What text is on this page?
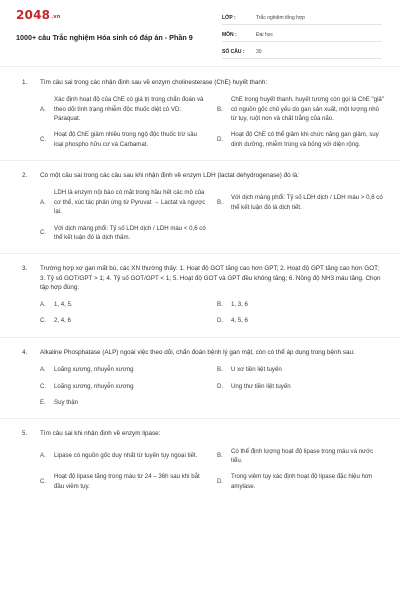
2048.vn
1000+ câu Trắc nghiệm Hóa sinh có đáp án - Phần 9
LỚP :	Trắc nghiệm tổng hợp
MÔN :	Đại học
SỐ CÂU :	30
1.	Tìm câu sai trong các nhận định sau về enzym cholinesterase (ChE) huyết thanh:
A.
Xác định hoạt độ của ChE có giá trị trong chẩn đoán và theo dõi tình trạng nhiễm độc thuốc diệt cỏ VD: Paraquat.
B.
ChE trong huyết thanh, huyết tương còn gọi là ChE "giả" có nguồn gốc chủ yếu do gan sản xuất, một lượng nhỏ từ tụy, ruột non và chất trắng của não.
C.
Hoạt độ ChE giảm nhiều trong ngộ độc thuốc trừ sâu loại phospho hữu cơ và Carbamat.
D.
Hoạt độ ChE có thể giảm khi chức năng gan giảm, suy dinh dưỡng, nhiễm trùng và bỏng với diện rộng.
2.	Có một câu sai trong các câu sau khi nhận định về enzym LDH (lactat dehydrogenase) đó là:
A.
LDH là enzym nội bào có mặt trong hầu hết các mô của cơ thể, xúc tác phản ứng từ Pyruvat → Lactat và ngược lại.
B.
Với dịch màng phổi: Tỷ số LDH dịch / LDH máu > 0,6 có thể kết luận đó là dịch tiết.
C.
Với dịch màng phổi: Tỷ số LDH dịch / LDH máu < 0,6 có thể kết luận đó là dịch thấm.
3.	Trường hợp xơ gan mất bù, các XN thường thấy: 1. Hoạt độ GOT tăng cao hơn GPT; 2. Hoạt độ GPT tăng cao hơn GOT; 3. Tỷ số GOT/GPT > 1; 4. Tỷ số GOT/GPT < 1; 5. Hoạt độ GOT và GPT đều không tăng; 6. Nồng độ NH3 máu tăng. Chọn tập hợp đúng:
A.	1, 4, 5.	B.	1, 3, 6
C.	2, 4, 6	D.	4, 5, 6
4.	Alkaline Phosphatase (ALP) ngoài việc theo dõi, chẩn đoán bệnh lý gan mật, còn có thể áp dụng trong bệnh sau:
A.	Loãng xương, nhuyễn xương	B.	U xơ tiền liệt tuyến
C.	Loãng xương, nhuyễn xương	D.	Ung thư tiền liệt tuyến
E.	Suy thận
5.	Tìm câu sai khi nhận định về enzym lipase:
A.	Lipase có nguồn gốc duy nhất từ tuyến tụy ngoại tiết.	B.
Có thể định lượng hoạt độ lipase trong máu và nước tiểu.
C.
Hoạt độ lipase tăng trong máu từ 24 – 36h sau khi bắt đầu viêm tụy.
D.
Trong viêm tụy xác định hoạt độ lipase đặc hiệu hơn amylase.
